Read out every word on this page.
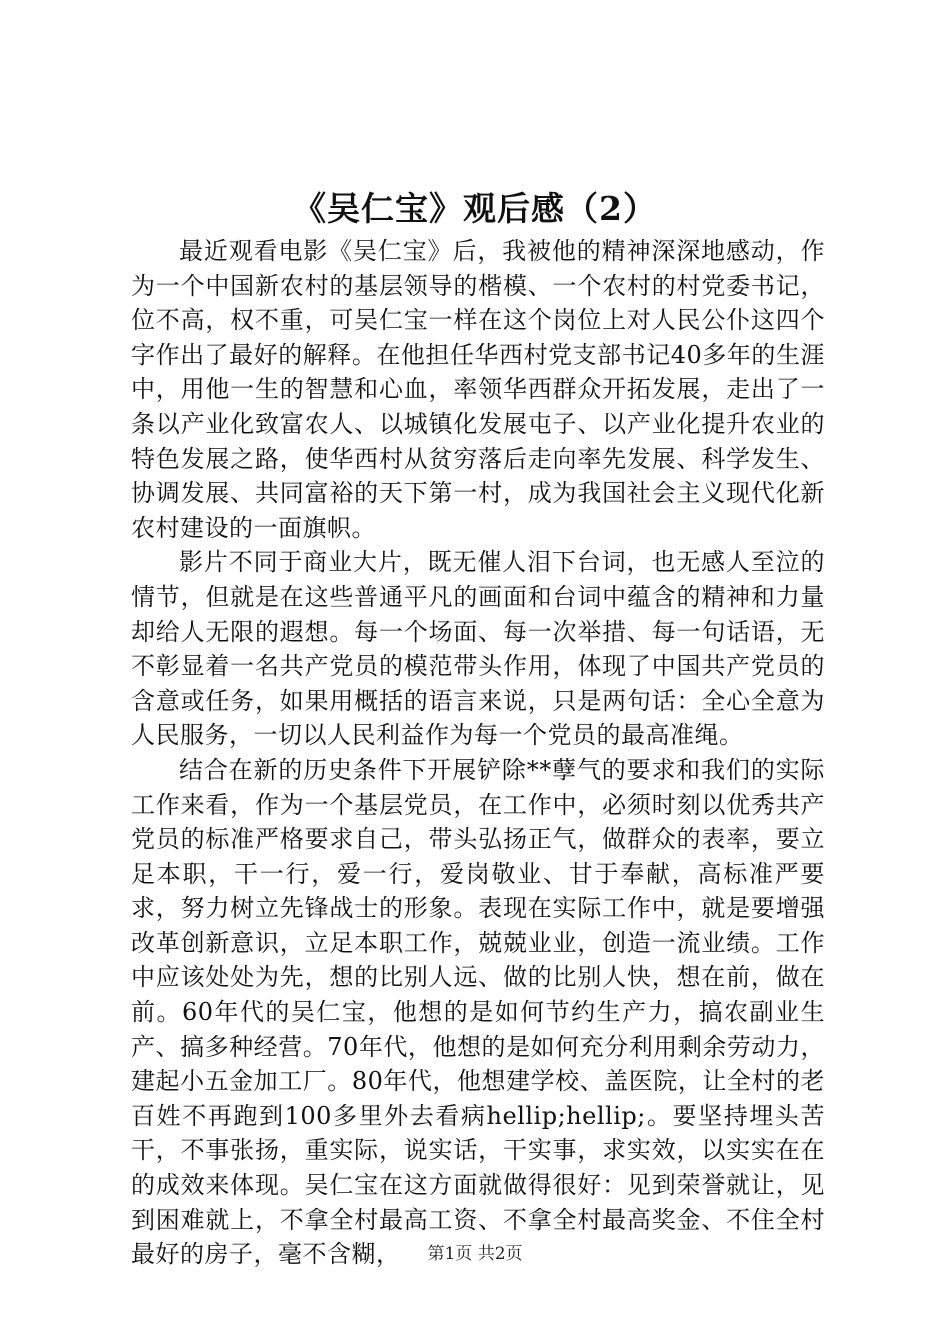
《吴仁宝》观后感（2）

最近观看电影《吴仁宝》后，我被他的精神深深地感动，作为一个中国新农村的基层领导的楷模、一个农村的村党委书记，位不高，权不重，可吴仁宝一样在这个岗位上对人民公仆这四个字作出了最好的解释。在他担任华西村党支部书记40多年的生涯中，用他一生的智慧和心血，率领华西群众开拓发展，走出了一条以产业化致富农人、以城镇化发展屯子、以产业化提升农业的特色发展之路，使华西村从贫穷落后走向率先发展、科学发生、协调发展、共同富裕的天下第一村，成为我国社会主义现代化新农村建设的一面旗帜。

影片不同于商业大片，既无催人泪下台词，也无感人至泣的情节，但就是在这些普通平凡的画面和台词中蕴含的精神和力量却给人无限的遐想。每一个场面、每一次举措、每一句话语，无不彰显着一名共产党员的模范带头作用，体现了中国共产党员的含意或任务，如果用概括的语言来说，只是两句话：全心全意为人民服务，一切以人民利益作为每一个党员的最高准绳。

结合在新的历史条件下开展铲除**孽气的要求和我们的实际工作来看，作为一个基层党员，在工作中，必须时刻以优秀共产党员的标准严格要求自己，带头弘扬正气，做群众的表率，要立足本职，干一行，爱一行，爱岗敬业、甘于奉献，高标准严要求，努力树立先锋战士的形象。表现在实际工作中，就是要增强改革创新意识，立足本职工作，兢兢业业，创造一流业绩。工作中应该处处为先，想的比别人远、做的比别人快，想在前，做在前。60年代的吴仁宝，他想的是如何节约生产力，搞农副业生产、搞多种经营。70年代，他想的是如何充分利用剩余劳动力，建起小五金加工厂。80年代，他想建学校、盖医院，让全村的老百姓不再跑到100多里外去看病hellip;hellip;。要坚持埋头苦干，不事张扬，重实际，说实话，干实事，求实效，以实实在在的成效来体现。吴仁宝在这方面就做得很好：见到荣誉就让，见到困难就上，不拿全村最高工资、不拿全村最高奖金、不住全村最好的房子，毫不含糊，	第1页 共2页
